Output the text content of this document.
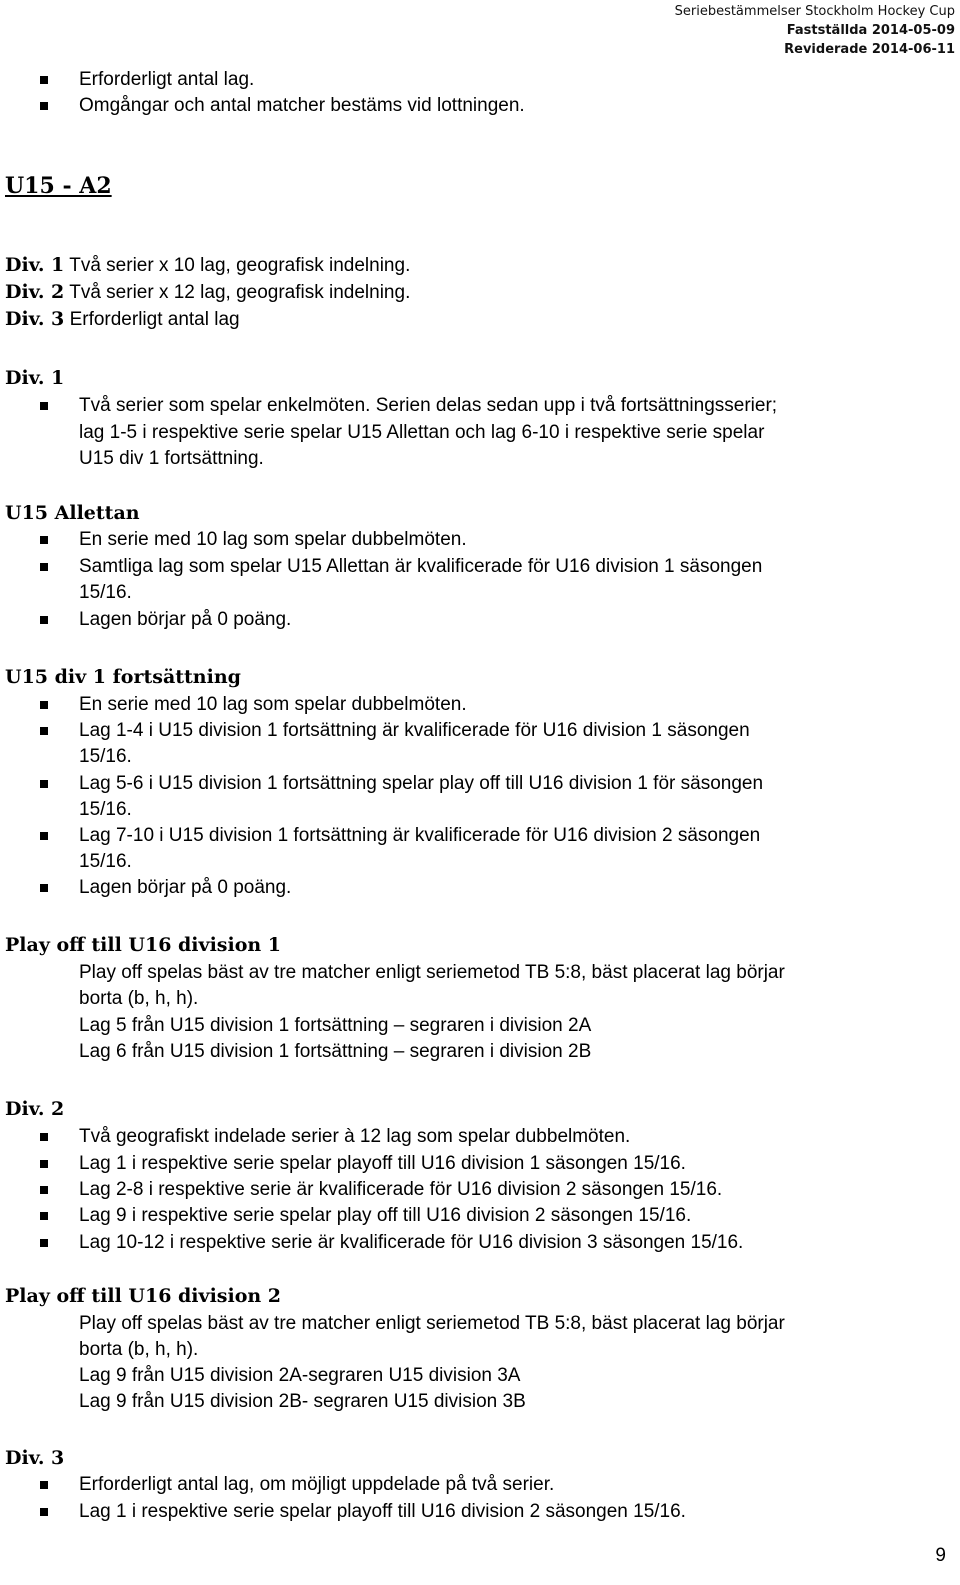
Seriebestämmelser Stockholm Hockey Cup
Fastställda 2014-05-09
Reviderade 2014-06-11
Erforderligt antal lag.
Omgångar och antal matcher bestäms vid lottningen.
U15 - A2
Div. 1 Två serier x 10 lag, geografisk indelning.
Div. 2 Två serier x 12 lag, geografisk indelning.
Div. 3 Erforderligt antal lag
Div. 1
Två serier som spelar enkelmöten. Serien delas sedan upp i två fortsättningsserier;
lag 1-5 i respektive serie spelar U15 Allettan och lag 6-10 i respektive serie spelar
U15 div 1 fortsättning.
U15 Allettan
En serie med 10 lag som spelar dubbelmöten.
Samtliga lag som spelar U15 Allettan är kvalificerade för U16 division 1 säsongen
15/16.
Lagen börjar på 0 poäng.
U15 div 1 fortsättning
En serie med 10 lag som spelar dubbelmöten.
Lag 1-4 i U15 division 1 fortsättning är kvalificerade för U16 division 1 säsongen
15/16.
Lag 5-6 i U15 division 1 fortsättning spelar play off till U16 division 1 för säsongen
15/16.
Lag 7-10 i U15 division 1 fortsättning är kvalificerade för U16 division 2 säsongen
15/16.
Lagen börjar på 0 poäng.
Play off till U16 division 1
Play off spelas bäst av tre matcher enligt seriemetod TB 5:8, bäst placerat lag börjar
borta (b, h, h).
Lag 5 från U15 division 1 fortsättning – segraren i division 2A
Lag 6 från U15 division 1 fortsättning – segraren i division 2B
Div. 2
Två geografiskt indelade serier à 12 lag som spelar dubbelmöten.
Lag 1 i respektive serie spelar playoff till U16 division 1 säsongen 15/16.
Lag 2-8 i respektive serie är kvalificerade för U16 division 2 säsongen 15/16.
Lag 9 i respektive serie spelar play off till U16 division 2 säsongen 15/16.
Lag 10-12 i respektive serie är kvalificerade för U16 division 3 säsongen 15/16.
Play off till U16 division 2
Play off spelas bäst av tre matcher enligt seriemetod TB 5:8, bäst placerat lag börjar
borta (b, h, h).
Lag 9 från U15 division 2A-segraren U15 division 3A
Lag 9 från U15 division 2B- segraren U15 division 3B
Div. 3
Erforderligt antal lag, om möjligt uppdelade på två serier.
Lag 1 i respektive serie spelar playoff till U16 division 2 säsongen 15/16.
9
